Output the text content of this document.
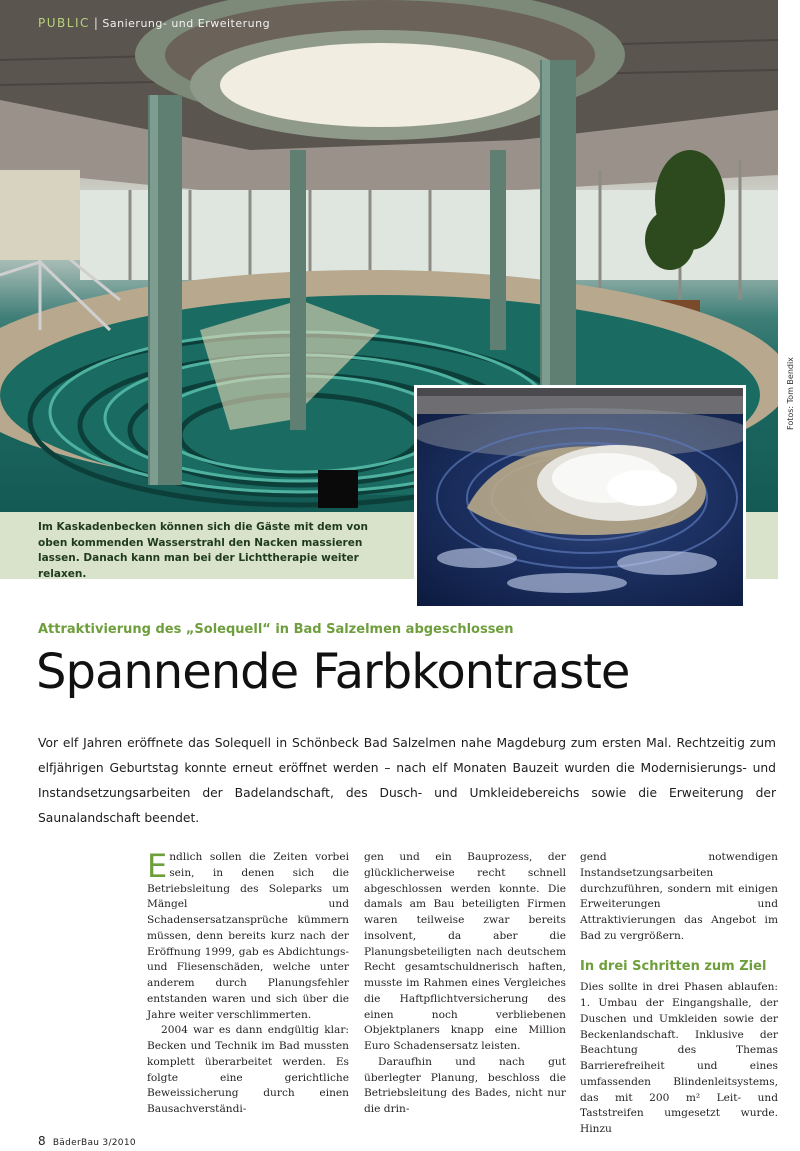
PUBLIC | Sanierung- und Erweiterung
Fotos: Tom Bendix

Im Kaskadenbecken können sich die Gäste mit dem von oben kommenden Wasserstrahl den Nacken massieren lassen. Danach kann man bei der Lichttherapie weiter relaxen.

Attraktivierung des „Solequell“ in Bad Salzelmen abgeschlossen
Spannende Farbkontraste

Vor elf Jahren eröffnete das Solequell in Schönbeck Bad Salzelmen nahe Magdeburg zum ersten Mal. Rechtzeitig zum elfjährigen Geburtstag konnte erneut eröffnet werden – nach elf Monaten Bauzeit wurden die Modernisierungs- und Instandsetzungsarbeiten der Badelandschaft, des Dusch- und Umkleidebereichs sowie die Erweiterung der Saunalandschaft beendet.

Endlich sollen die Zeiten vorbei sein, in denen sich die Betriebsleitung des Soleparks um Mängel und Schadensersatzansprüche kümmern müssen, denn bereits kurz nach der Eröffnung 1999, gab es Abdichtungs- und Fliesenschäden, welche unter anderem durch Planungsfehler entstanden waren und sich über die Jahre weiter verschlimmerten.

2004 war es dann endgültig klar: Becken und Technik im Bad mussten komplett überarbeitet werden. Es folgte eine gerichtliche Beweissicherung durch einen Bausachverständi-

gen und ein Bauprozess, der glücklicherweise recht schnell abgeschlossen werden konnte. Die damals am Bau beteiligten Firmen waren teilweise zwar bereits insolvent, da aber die Planungsbeteiligten nach deutschem Recht gesamtschuldnerisch haften, musste im Rahmen eines Vergleiches die Haftpflichtversicherung des einen noch verbliebenen Objektplaners knapp eine Million Euro Schadensersatz leisten.

Daraufhin und nach gut überlegter Planung, beschloss die Betriebsleitung des Bades, nicht nur die drin-

gend notwendigen Instandsetzungsarbeiten durchzuführen, sondern mit einigen Erweiterungen und Attraktivierungen das Angebot im Bad zu vergrößern.

In drei Schritten zum Ziel

Dies sollte in drei Phasen ablaufen: 1. Umbau der Eingangshalle, der Duschen und Umkleiden sowie der Beckenlandschaft. Inklusive der Beachtung des Themas Barrierefreiheit und eines umfassenden Blindenleitsystems, das mit 200 m² Leit- und Taststreifen umgesetzt wurde. Hinzu

8 BäderBau 3/2010
